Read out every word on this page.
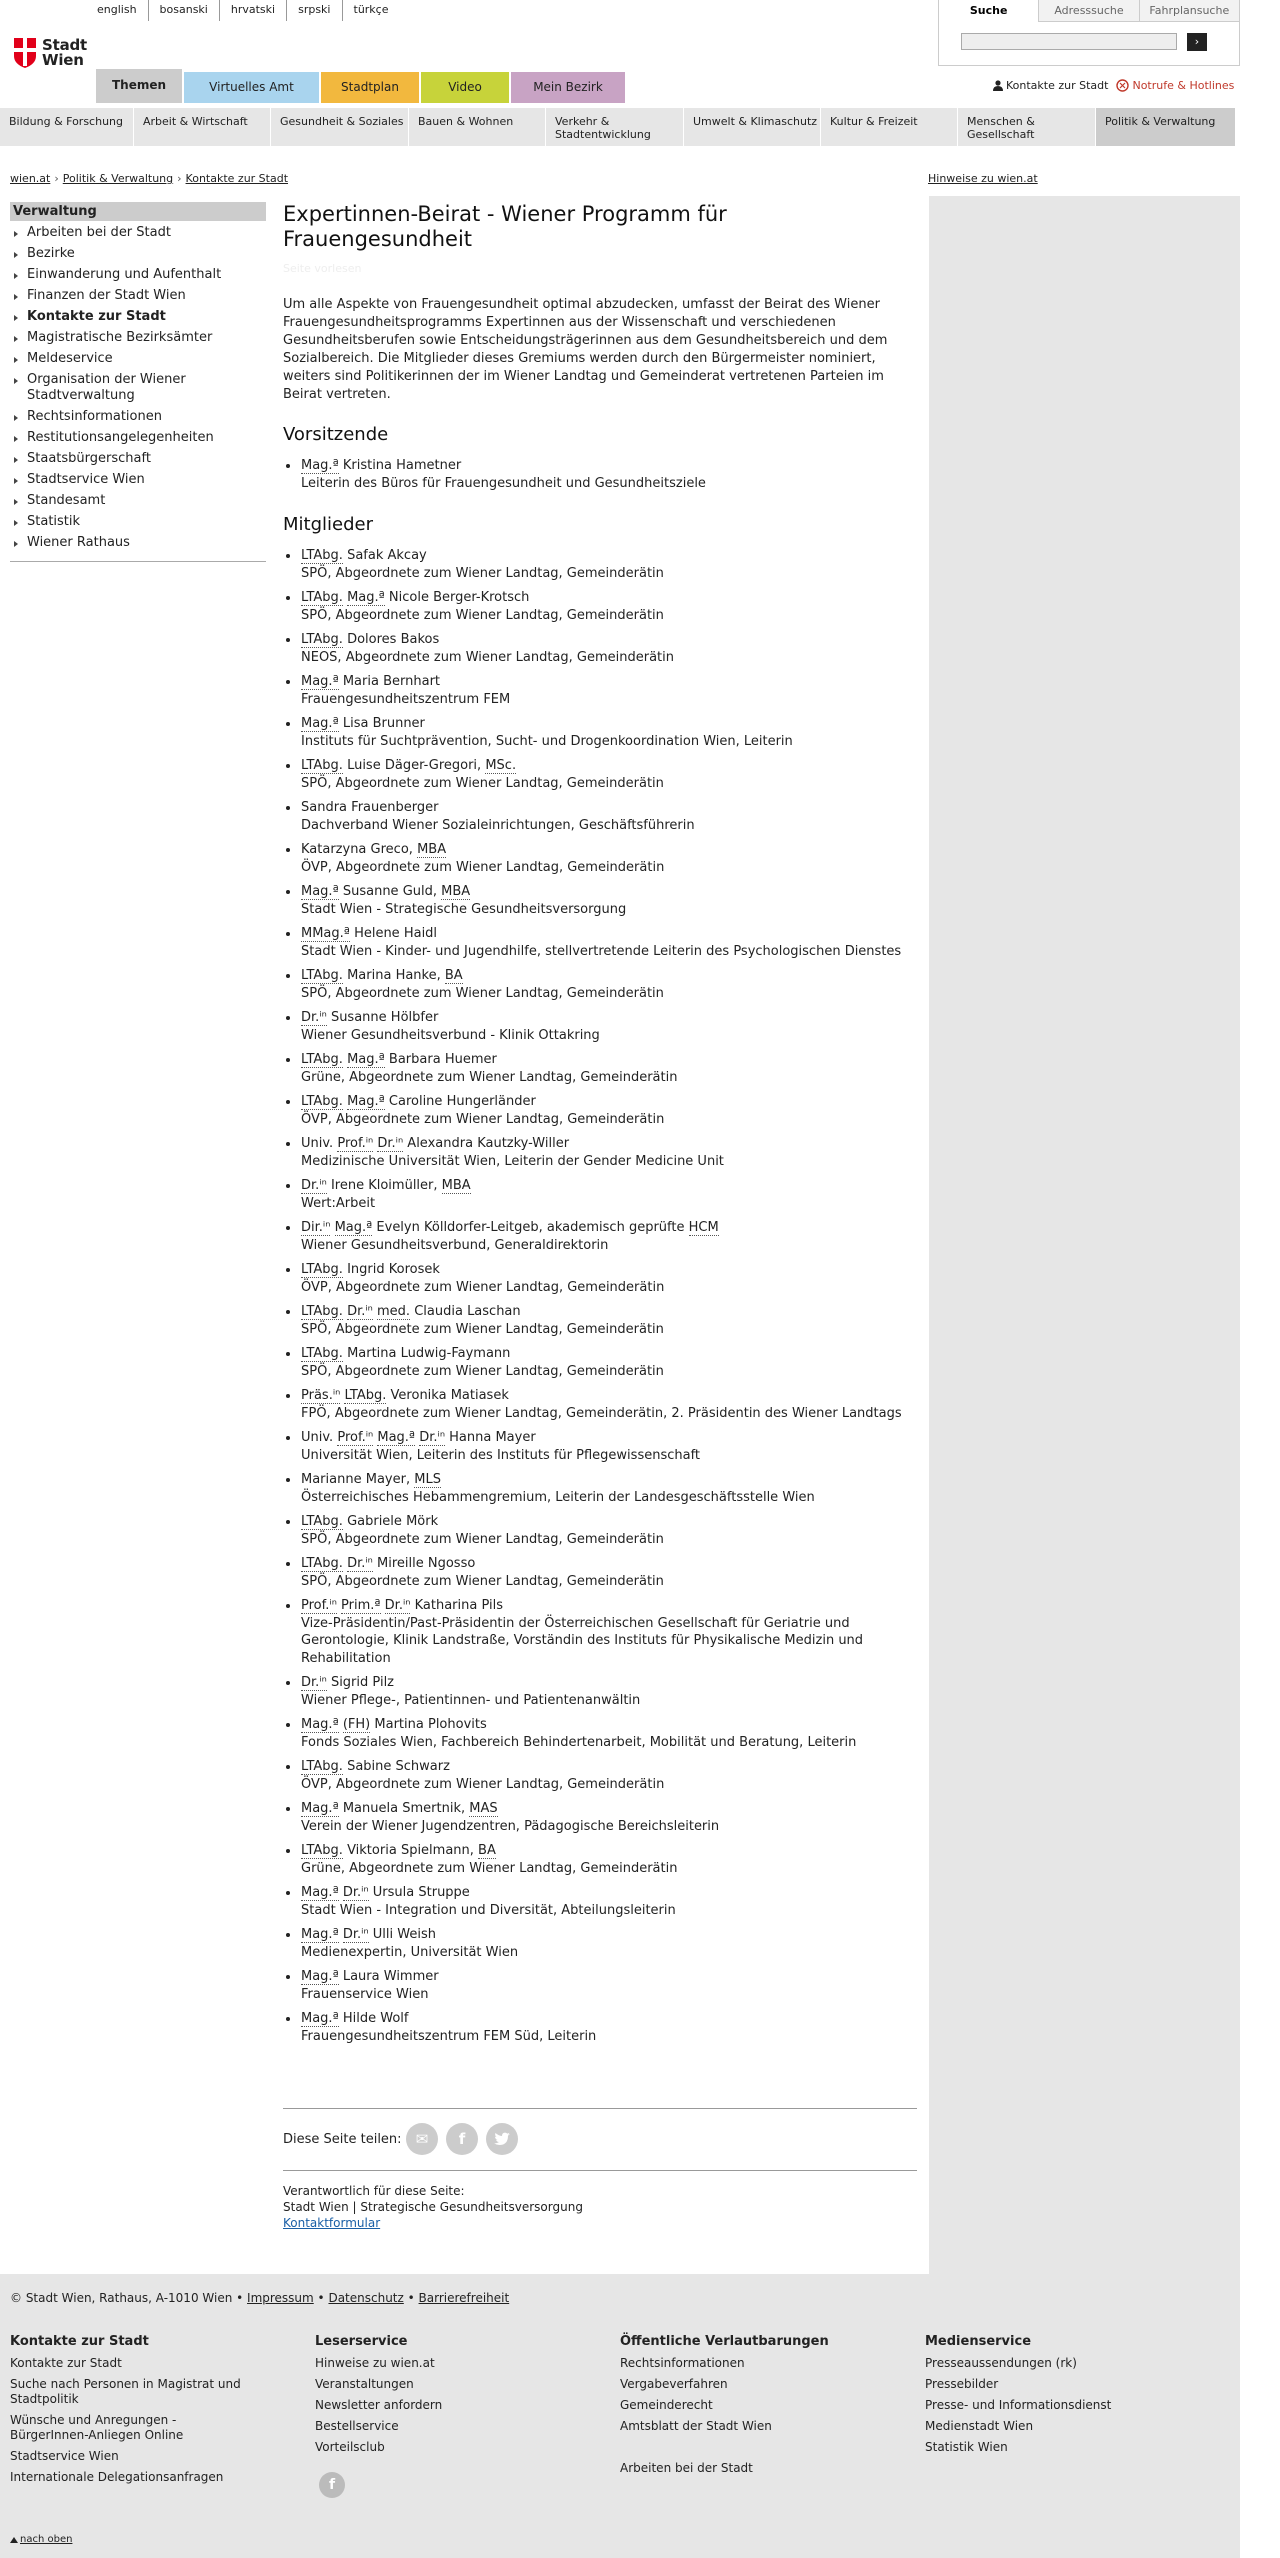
english	bosanski	hrvatski	srpski	türkçe
Stadt
Wien
Themen	Virtuelles Amt	Stadtplan	Video	Mein Bezirk
Suche	Adresssuche	Fahrplansuche
›
Kontakte zur Stadt Notrufe & Hotlines
Bildung & Forschung	Arbeit & Wirtschaft	Gesundheit & Soziales	Bauen & Wohnen	Verkehr & Stadtentwicklung
Umwelt & Klimaschutz	Kultur & Freizeit	Menschen & Gesellschaft
Politik & Verwaltung
wien.at › Politik & Verwaltung › Kontakte zur Stadt	Hinweise zu wien.at
Verwaltung
Arbeiten bei der Stadt
Bezirke
Einwanderung und Aufenthalt
Finanzen der Stadt Wien
Kontakte zur Stadt
Magistratische Bezirksämter
Meldeservice
Organisation der Wiener Stadtverwaltung
Rechtsinformationen
Restitutionsangelegenheiten
Staatsbürgerschaft
Stadtservice Wien
Standesamt
Statistik
Wiener Rathaus
Expertinnen-Beirat - Wiener Programm für Frauengesundheit
Seite vorlesen

Um alle Aspekte von Frauengesundheit optimal abzudecken, umfasst der Beirat des Wiener Frauengesundheitsprogramms Expertinnen aus der Wissenschaft und verschiedenen Gesundheitsberufen sowie Entscheidungsträgerinnen aus dem Gesundheitsbereich und dem Sozialbereich. Die Mitglieder dieses Gremiums werden durch den Bürgermeister nominiert, weiters sind Politikerinnen der im Wiener Landtag und Gemeinderat vertretenen Parteien im Beirat vertreten.

Vorsitzende
Mag.ª Kristina Hametner
Leiterin des Büros für Frauengesundheit und Gesundheitsziele
Mitglieder
LTAbg. Safak Akcay
SPÖ, Abgeordnete zum Wiener Landtag, Gemeinderätin
LTAbg. Mag.ª Nicole Berger-Krotsch
SPÖ, Abgeordnete zum Wiener Landtag, Gemeinderätin
LTAbg. Dolores Bakos
NEOS, Abgeordnete zum Wiener Landtag, Gemeinderätin
Mag.ª Maria Bernhart
Frauengesundheitszentrum FEM
Mag.ª Lisa Brunner
Instituts für Suchtprävention, Sucht- und Drogenkoordination Wien, Leiterin
LTAbg. Luise Däger-Gregori, MSc.
SPÖ, Abgeordnete zum Wiener Landtag, Gemeinderätin
Sandra Frauenberger
Dachverband Wiener Sozialeinrichtungen, Geschäftsführerin
Katarzyna Greco, MBA
ÖVP, Abgeordnete zum Wiener Landtag, Gemeinderätin
Mag.ª Susanne Guld, MBA
Stadt Wien - Strategische Gesundheitsversorgung
MMag.ª Helene Haidl
Stadt Wien - Kinder- und Jugendhilfe, stellvertretende Leiterin des Psychologischen Dienstes
LTAbg. Marina Hanke, BA
SPÖ, Abgeordnete zum Wiener Landtag, Gemeinderätin
Dr.ⁱⁿ Susanne Hölbfer
Wiener Gesundheitsverbund - Klinik Ottakring
LTAbg. Mag.ª Barbara Huemer
Grüne, Abgeordnete zum Wiener Landtag, Gemeinderätin
LTAbg. Mag.ª Caroline Hungerländer
ÖVP, Abgeordnete zum Wiener Landtag, Gemeinderätin
Univ. Prof.ⁱⁿ Dr.ⁱⁿ Alexandra Kautzky-Willer
Medizinische Universität Wien, Leiterin der Gender Medicine Unit
Dr.ⁱⁿ Irene Kloimüller, MBA
Wert:Arbeit
Dir.ⁱⁿ Mag.ª Evelyn Kölldorfer-Leitgeb, akademisch geprüfte HCM
Wiener Gesundheitsverbund, Generaldirektorin
LTAbg. Ingrid Korosek
ÖVP, Abgeordnete zum Wiener Landtag, Gemeinderätin
LTAbg. Dr.ⁱⁿ med. Claudia Laschan
SPÖ, Abgeordnete zum Wiener Landtag, Gemeinderätin
LTAbg. Martina Ludwig-Faymann
SPÖ, Abgeordnete zum Wiener Landtag, Gemeinderätin
Präs.ⁱⁿ LTAbg. Veronika Matiasek
FPÖ, Abgeordnete zum Wiener Landtag, Gemeinderätin, 2. Präsidentin des Wiener Landtags
Univ. Prof.ⁱⁿ Mag.ª Dr.ⁱⁿ Hanna Mayer
Universität Wien, Leiterin des Instituts für Pflegewissenschaft
Marianne Mayer, MLS
Österreichisches Hebammengremium, Leiterin der Landesgeschäftsstelle Wien
LTAbg. Gabriele Mörk
SPÖ, Abgeordnete zum Wiener Landtag, Gemeinderätin
LTAbg. Dr.ⁱⁿ Mireille Ngosso
SPÖ, Abgeordnete zum Wiener Landtag, Gemeinderätin
Prof.ⁱⁿ Prim.ª Dr.ⁱⁿ Katharina Pils
Vize-Präsidentin/Past-Präsidentin der Österreichischen Gesellschaft für Geriatrie und Gerontologie, Klinik Landstraße, Vorständin des Instituts für Physikalische Medizin und Rehabilitation
Dr.ⁱⁿ Sigrid Pilz
Wiener Pflege-, Patientinnen- und Patientenanwältin
Mag.ª (FH) Martina Plohovits
Fonds Soziales Wien, Fachbereich Behindertenarbeit, Mobilität und Beratung, Leiterin
LTAbg. Sabine Schwarz
ÖVP, Abgeordnete zum Wiener Landtag, Gemeinderätin
Mag.ª Manuela Smertnik, MAS
Verein der Wiener Jugendzentren, Pädagogische Bereichsleiterin
LTAbg. Viktoria Spielmann, BA
Grüne, Abgeordnete zum Wiener Landtag, Gemeinderätin
Mag.ª Dr.ⁱⁿ Ursula Struppe
Stadt Wien - Integration und Diversität, Abteilungsleiterin
Mag.ª Dr.ⁱⁿ Ulli Weish
Medienexpertin, Universität Wien
Mag.ª Laura Wimmer
Frauenservice Wien
Mag.ª Hilde Wolf
Frauengesundheitszentrum FEM Süd, Leiterin
Diese Seite teilen: ✉	f
Verantwortlich für diese Seite:
Stadt Wien | Strategische Gesundheitsversorgung
Kontaktformular
© Stadt Wien, Rathaus, A-1010 Wien • Impressum • Datenschutz • Barrierefreiheit
Kontakte zur Stadt
Kontakte zur Stadt
Suche nach Personen in Magistrat und Stadtpolitik
Wünsche und Anregungen - BürgerInnen-Anliegen Online
Stadtservice Wien
Internationale Delegationsanfragen
Leserservice
Hinweise zu wien.at
Veranstaltungen
Newsletter anfordern
Bestellservice
Vorteilsclub
Öffentliche Verlautbarungen
Rechtsinformationen
Vergabeverfahren
Gemeinderecht
Amtsblatt der Stadt Wien
Arbeiten bei der Stadt
Medienservice
Presseaussendungen (rk)
Pressebilder
Presse- und Informationsdienst
Medienstadt Wien
Statistik Wien
f
nach oben
